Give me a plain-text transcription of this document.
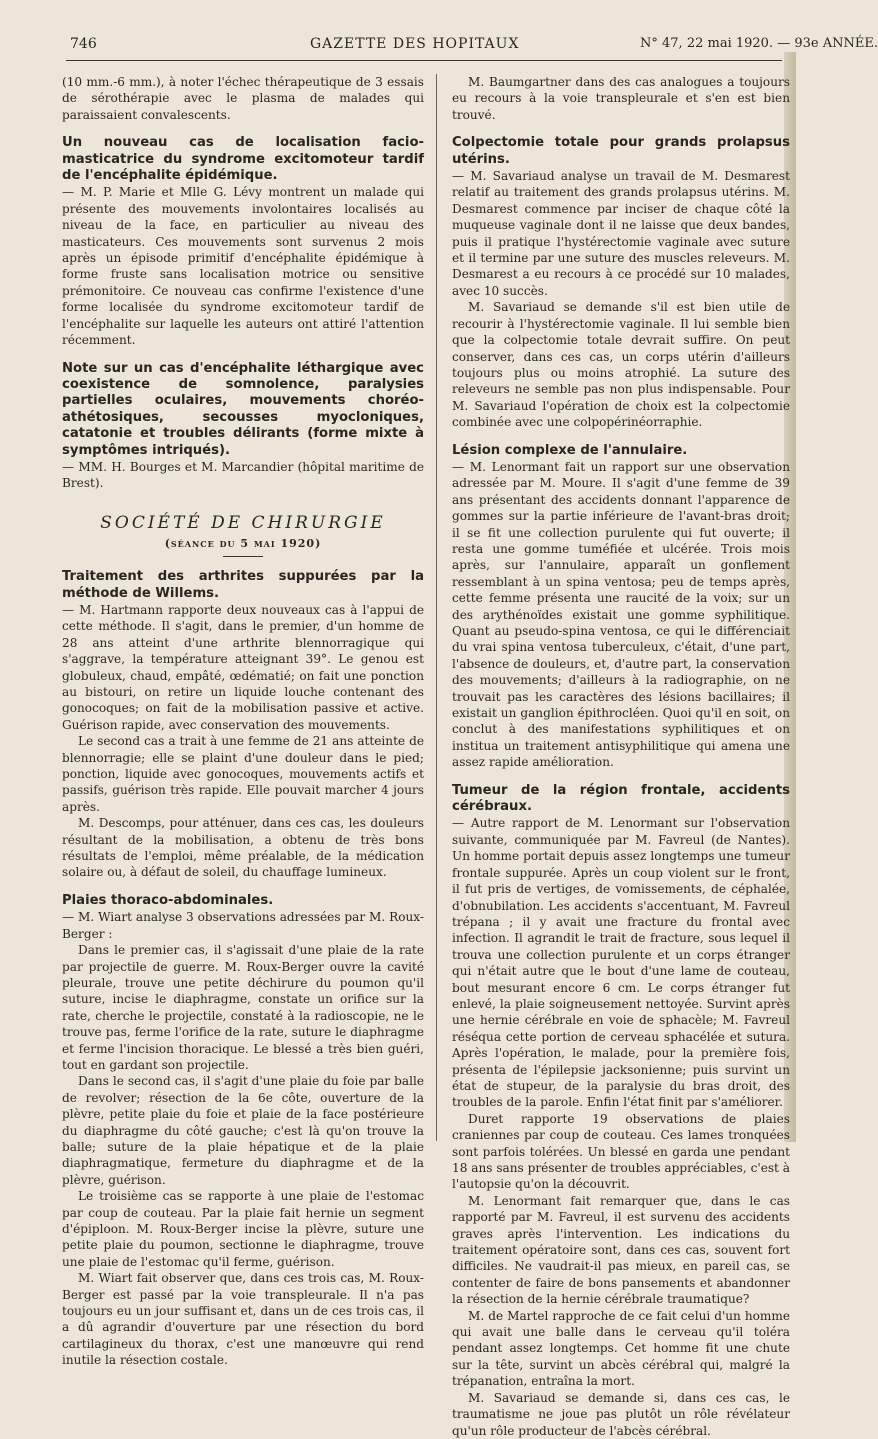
746	GAZETTE DES HOPITAUX	N° 47, 22 mai 1920. — 93e ANNÉE.

(10 mm.-6 mm.), à noter l'échec thérapeutique de 3 essais de sérothérapie avec le plasma de malades qui paraissaient convalescents.

Un nouveau cas de localisation facio-masticatrice du syndrome excitomoteur tardif de l'encéphalite épidémique.

— M. P. Marie et Mlle G. Lévy montrent un malade qui présente des mouvements involontaires localisés au niveau de la face, en particulier au niveau des masticateurs. Ces mouvements sont survenus 2 mois après un épisode primitif d'encéphalite épidémique à forme fruste sans localisation motrice ou sensitive prémonitoire. Ce nouveau cas confirme l'existence d'une forme localisée du syndrome excitomoteur tardif de l'encéphalite sur laquelle les auteurs ont attiré l'attention récemment.

Note sur un cas d'encéphalite léthargique avec coexistence de somnolence, paralysies partielles oculaires, mouvements choréo-athétosiques, secousses myocloniques, catatonie et troubles délirants (forme mixte à symptômes intriqués).

— MM. H. Bourges et M. Marcandier (hôpital maritime de Brest).

SOCIÉTÉ DE CHIRURGIE
(séance du 5 mai 1920)
Traitement des arthrites suppurées par la méthode de Willems.

— M. Hartmann rapporte deux nouveaux cas à l'appui de cette méthode. Il s'agit, dans le premier, d'un homme de 28 ans atteint d'une arthrite blennorragique qui s'aggrave, la température atteignant 39°. Le genou est globuleux, chaud, empâté, œdématié; on fait une ponction au bistouri, on retire un liquide louche contenant des gonocoques; on fait de la mobilisation passive et active. Guérison rapide, avec conservation des mouvements.

Le second cas a trait à une femme de 21 ans atteinte de blennorragie; elle se plaint d'une douleur dans le pied; ponction, liquide avec gonocoques, mouvements actifs et passifs, guérison très rapide. Elle pouvait marcher 4 jours après.

M. Descomps, pour atténuer, dans ces cas, les douleurs résultant de la mobilisation, a obtenu de très bons résultats de l'emploi, même préalable, de la médication solaire ou, à défaut de soleil, du chauffage lumineux.

Plaies thoraco-abdominales.

— M. Wiart analyse 3 observations adressées par M. Roux-Berger :

Dans le premier cas, il s'agissait d'une plaie de la rate par projectile de guerre. M. Roux-Berger ouvre la cavité pleurale, trouve une petite déchirure du poumon qu'il suture, incise le diaphragme, constate un orifice sur la rate, cherche le projectile, constaté à la radioscopie, ne le trouve pas, ferme l'orifice de la rate, suture le diaphragme et ferme l'incision thoracique. Le blessé a très bien guéri, tout en gardant son projectile.

Dans le second cas, il s'agit d'une plaie du foie par balle de revolver; résection de la 6e côte, ouverture de la plèvre, petite plaie du foie et plaie de la face postérieure du diaphragme du côté gauche; c'est là qu'on trouve la balle; suture de la plaie hépatique et de la plaie diaphragmatique, fermeture du diaphragme et de la plèvre, guérison.

Le troisième cas se rapporte à une plaie de l'estomac par coup de couteau. Par la plaie fait hernie un segment d'épiploon. M. Roux-Berger incise la plèvre, suture une petite plaie du poumon, sectionne le diaphragme, trouve une plaie de l'estomac qu'il ferme, guérison.

M. Wiart fait observer que, dans ces trois cas, M. Roux-Berger est passé par la voie transpleurale. Il n'a pas toujours eu un jour suffisant et, dans un de ces trois cas, il a dû agrandir d'ouverture par une résection du bord cartilagineux du thorax, c'est une manœuvre qui rend inutile la résection costale.

M. Baumgartner dans des cas analogues a toujours eu recours à la voie transpleurale et s'en est bien trouvé.

Colpectomie totale pour grands prolapsus utérins.

— M. Savariaud analyse un travail de M. Desmarest relatif au traitement des grands prolapsus utérins. M. Desmarest commence par inciser de chaque côté la muqueuse vaginale dont il ne laisse que deux bandes, puis il pratique l'hystérectomie vaginale avec suture et il termine par une suture des muscles releveurs. M. Desmarest a eu recours à ce procédé sur 10 malades, avec 10 succès.

M. Savariaud se demande s'il est bien utile de recourir à l'hystérectomie vaginale. Il lui semble bien que la colpectomie totale devrait suffire. On peut conserver, dans ces cas, un corps utérin d'ailleurs toujours plus ou moins atrophié. La suture des releveurs ne semble pas non plus indispensable. Pour M. Savariaud l'opération de choix est la colpectomie combinée avec une colpopérinéorraphie.

Lésion complexe de l'annulaire.

— M. Lenormant fait un rapport sur une observation adressée par M. Moure. Il s'agit d'une femme de 39 ans présentant des accidents donnant l'apparence de gommes sur la partie inférieure de l'avant-bras droit; il se fit une collection purulente qui fut ouverte; il resta une gomme tuméfiée et ulcérée. Trois mois après, sur l'annulaire, apparaît un gonflement ressemblant à un spina ventosa; peu de temps après, cette femme présenta une raucité de la voix; sur un des arythénoïdes existait une gomme syphilitique. Quant au pseudo-spina ventosa, ce qui le différenciait du vrai spina ventosa tuberculeux, c'était, d'une part, l'absence de douleurs, et, d'autre part, la conservation des mouvements; d'ailleurs à la radiographie, on ne trouvait pas les caractères des lésions bacillaires; il existait un ganglion épithrocléen. Quoi qu'il en soit, on conclut à des manifestations syphilitiques et on institua un traitement antisyphilitique qui amena une assez rapide amélioration.

Tumeur de la région frontale, accidents cérébraux.

— Autre rapport de M. Lenormant sur l'observation suivante, communiquée par M. Favreul (de Nantes). Un homme portait depuis assez longtemps une tumeur frontale suppurée. Après un coup violent sur le front, il fut pris de vertiges, de vomissements, de céphalée, d'obnubilation. Les accidents s'accentuant, M. Favreul trépana ; il y avait une fracture du frontal avec infection. Il agrandit le trait de fracture, sous lequel il trouva une collection purulente et un corps étranger qui n'était autre que le bout d'une lame de couteau, bout mesurant encore 6 cm. Le corps étranger fut enlevé, la plaie soigneusement nettoyée. Survint après une hernie cérébrale en voie de sphacèle; M. Favreul réséqua cette portion de cerveau sphacélée et sutura. Après l'opération, le malade, pour la première fois, présenta de l'épilepsie jacksonienne; puis survint un état de stupeur, de la paralysie du bras droit, des troubles de la parole. Enfin l'état finit par s'améliorer.

Duret rapporte 19 observations de plaies craniennes par coup de couteau. Ces lames tronquées sont parfois tolérées. Un blessé en garda une pendant 18 ans sans présenter de troubles appréciables, c'est à l'autopsie qu'on la découvrit.

M. Lenormant fait remarquer que, dans le cas rapporté par M. Favreul, il est survenu des accidents graves après l'intervention. Les indications du traitement opératoire sont, dans ces cas, souvent fort difficiles. Ne vaudrait-il pas mieux, en pareil cas, se contenter de faire de bons pansements et abandonner la résection de la hernie cérébrale traumatique?

M. de Martel rapproche de ce fait celui d'un homme qui avait une balle dans le cerveau qu'il toléra pendant assez longtemps. Cet homme fit une chute sur la tête, survint un abcès cérébral qui, malgré la trépanation, entraîna la mort.

M. Savariaud se demande si, dans ces cas, le traumatisme ne joue pas plutôt un rôle révélateur qu'un rôle producteur de l'abcès cérébral.
